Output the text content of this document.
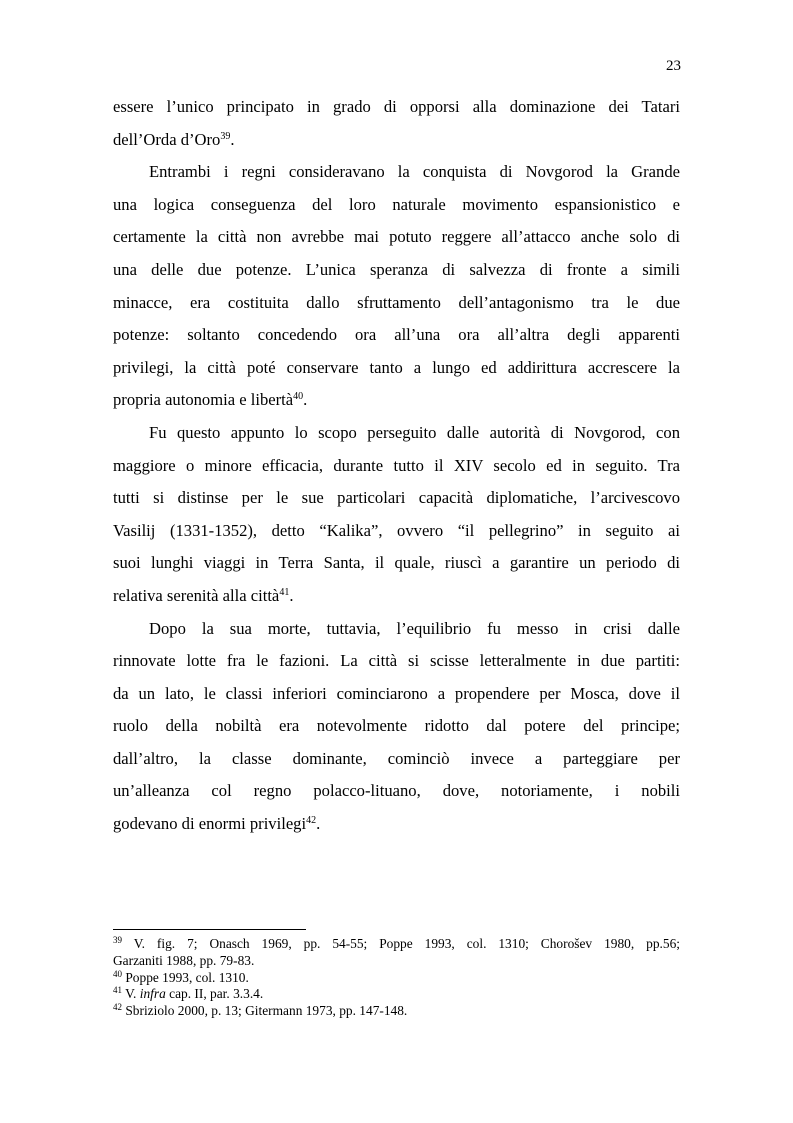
23
essere l’unico principato in grado di opporsi alla dominazione dei Tatari
dell’Orda d’Oro$^{39}$.
Entrambi i regni consideravano la conquista di Novgorod la Grande
una logica conseguenza del loro naturale movimento espansionistico e
certamente la città non avrebbe mai potuto reggere all’attacco anche solo di
una delle due potenze. L’unica speranza di salvezza di fronte a simili
minacce, era costituita dallo sfruttamento dell’antagonismo tra le due
potenze: soltanto concedendo ora all’una ora all’altra degli apparenti
privilegi, la città poté conservare tanto a lungo ed addirittura accrescere la
propria autonomia e libertà$^{40}$.
Fu questo appunto lo scopo perseguito dalle autorità di Novgorod, con
maggiore o minore efficacia, durante tutto il XIV secolo ed in seguito. Tra
tutti si distinse per le sue particolari capacità diplomatiche, l’arcivescovo
Vasilij (1331-1352), detto “Kalika”, ovvero “il pellegrino” in seguito ai
suoi lunghi viaggi in Terra Santa, il quale, riuscì a garantire un periodo di
relativa serenità alla città$^{41}$.
Dopo la sua morte, tuttavia, l’equilibrio fu messo in crisi dalle
rinnovate lotte fra le fazioni. La città si scisse letteralmente in due partiti:
da un lato, le classi inferiori cominciarono a propendere per Mosca, dove il
ruolo della nobiltà era notevolmente ridotto dal potere del principe;
dall’altro, la classe dominante, cominciò invece a parteggiare per
un’alleanza col regno polacco-lituano, dove, notoriamente, i nobili
godevano di enormi privilegi$^{42}$.
$^{39}$ V. fig. 7; Onasch 1969, pp. 54-55; Poppe 1993, col. 1310; Chorošev 1980, pp.56;
Garzaniti 1988, pp. 79-83.
$^{40}$ Poppe 1993, col. 1310.
$^{41}$ V. infra cap. II, par. 3.3.4.
$^{42}$ Sbriziolo 2000, p. 13; Gitermann 1973, pp. 147-148.
